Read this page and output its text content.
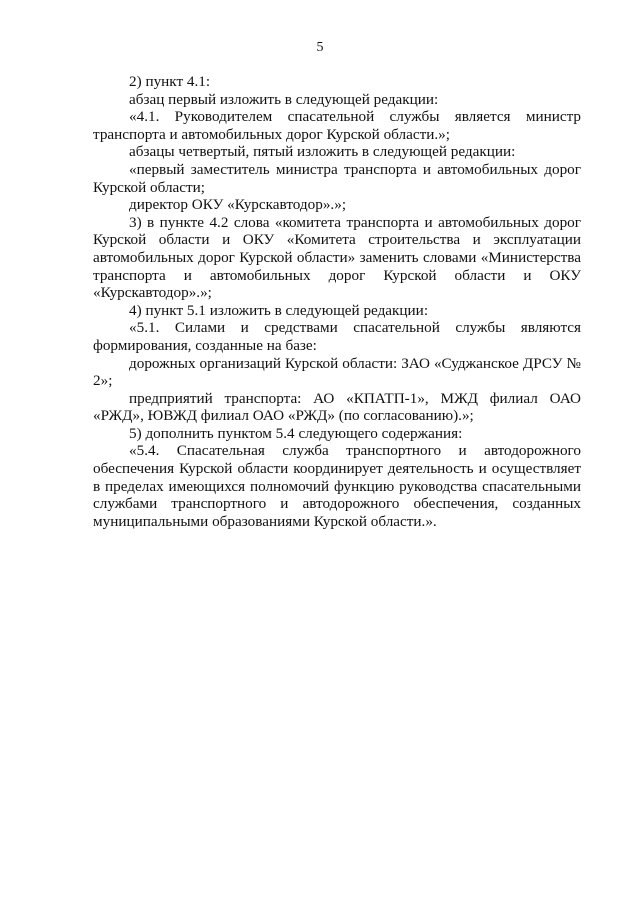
5

2) пункт 4.1:

абзац первый изложить в следующей редакции:

«4.1. Руководителем спасательной службы является министр транспорта и автомобильных дорог Курской области.»;

абзацы четвертый, пятый изложить в следующей редакции:

«первый заместитель министра транспорта и автомобильных дорог Курской области;

директор ОКУ «Курскавтодор».»;

3) в пункте 4.2 слова «комитета транспорта и автомобильных дорог Курской области и ОКУ «Комитета строительства и эксплуатации автомобильных дорог Курской области» заменить словами «Министерства транспорта и автомобильных дорог Курской области и ОКУ «Курскавтодор».»;

4) пункт 5.1 изложить в следующей редакции:

«5.1. Силами и средствами спасательной службы являются формирования, созданные на базе:

дорожных организаций Курской области: ЗАО «Суджанское ДРСУ № 2»;

предприятий транспорта: АО «КПАТП-1», МЖД филиал ОАО «РЖД», ЮВЖД филиал ОАО «РЖД» (по согласованию).»;

5) дополнить пунктом 5.4 следующего содержания:

«5.4. Спасательная служба транспортного и автодорожного обеспечения Курской области координирует деятельность и осуществляет в пределах имеющихся полномочий функцию руководства спасательными службами транспортного и автодорожного обеспечения, созданных муниципальными образованиями Курской области.».
